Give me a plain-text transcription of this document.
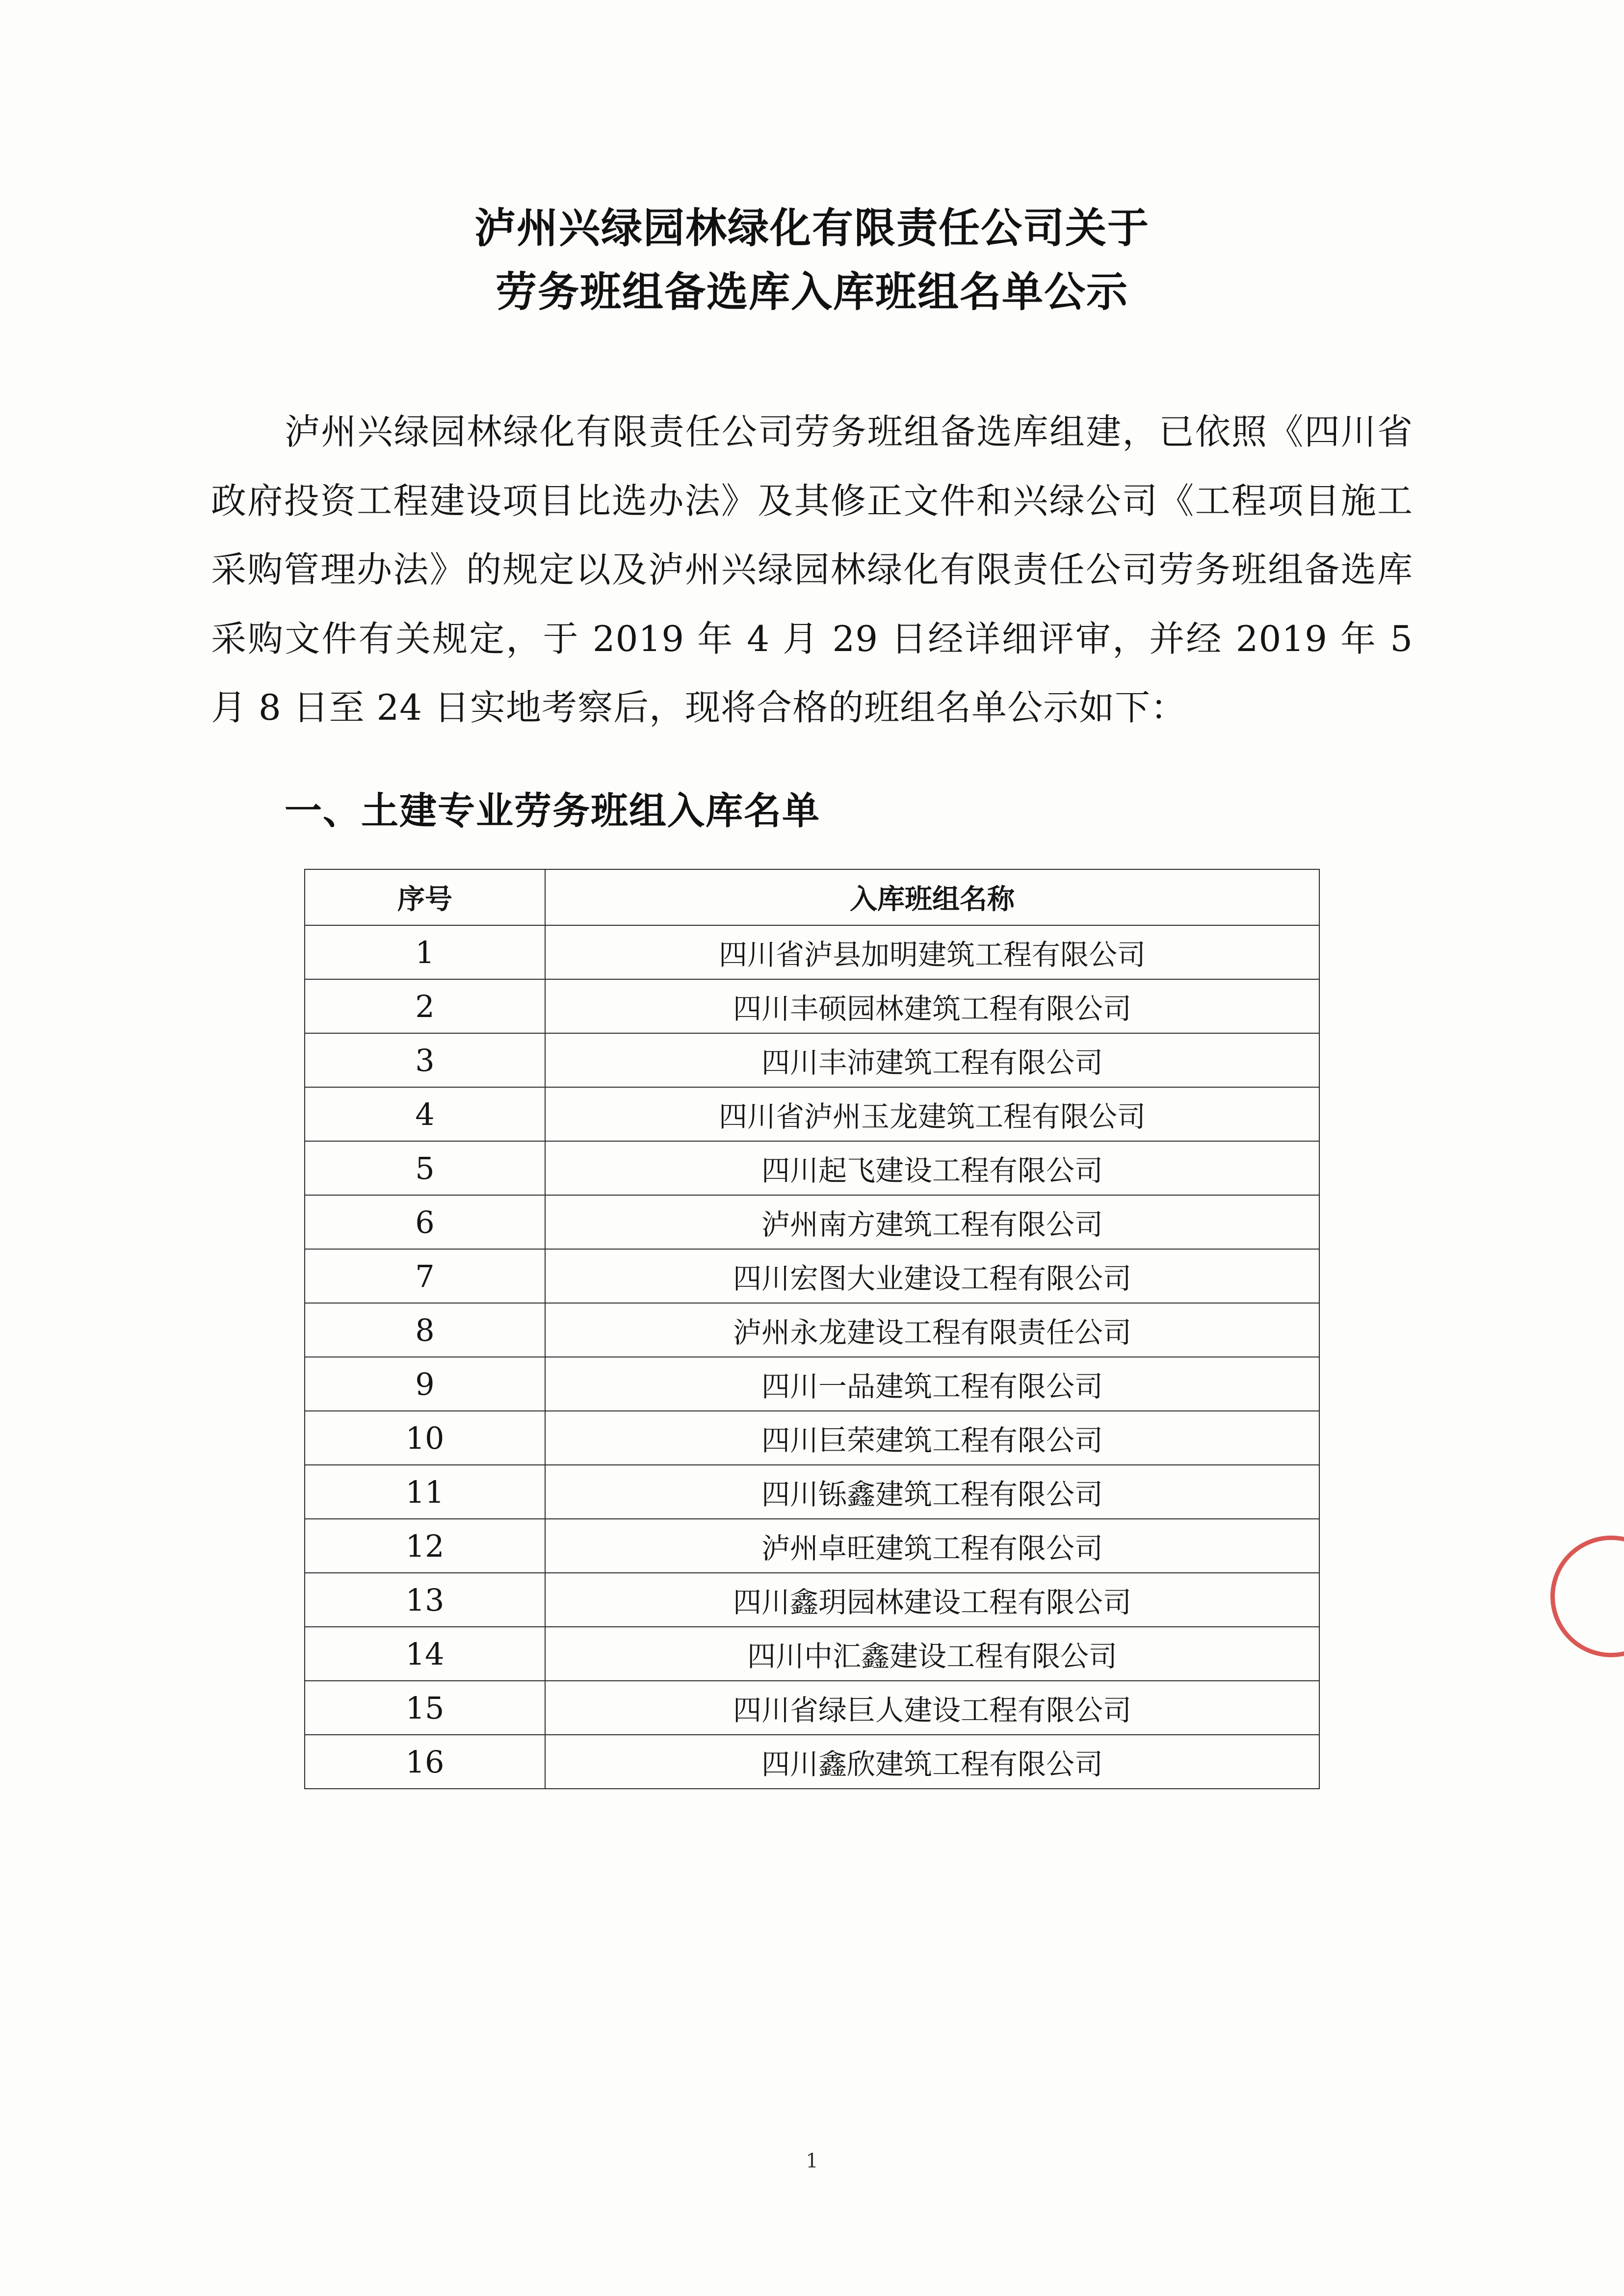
泸州兴绿园林绿化有限责任公司关于
劳务班组备选库入库班组名单公示
泸州兴绿园林绿化有限责任公司劳务班组备选库组建，已依照《四川省政府投资工程建设项目比选办法》及其修正文件和兴绿公司《工程项目施工采购管理办法》的规定以及泸州兴绿园林绿化有限责任公司劳务班组备选库采购文件有关规定，于 2019 年 4 月 29 日经详细评审，并经 2019 年 5 月 8 日至 24 日实地考察后，现将合格的班组名单公示如下：
一、土建专业劳务班组入库名单
序号	入库班组名称
1	四川省泸县加明建筑工程有限公司
2	四川丰硕园林建筑工程有限公司
3	四川丰沛建筑工程有限公司
4	四川省泸州玉龙建筑工程有限公司
5	四川起飞建设工程有限公司
6	泸州南方建筑工程有限公司
7	四川宏图大业建设工程有限公司
8	泸州永龙建设工程有限责任公司
9	四川一品建筑工程有限公司
10	四川巨荣建筑工程有限公司
11	四川铄鑫建筑工程有限公司
12	泸州卓旺建筑工程有限公司
13	四川鑫玥园林建设工程有限公司
14	四川中汇鑫建设工程有限公司
15	四川省绿巨人建设工程有限公司
16	四川鑫欣建筑工程有限公司
1
